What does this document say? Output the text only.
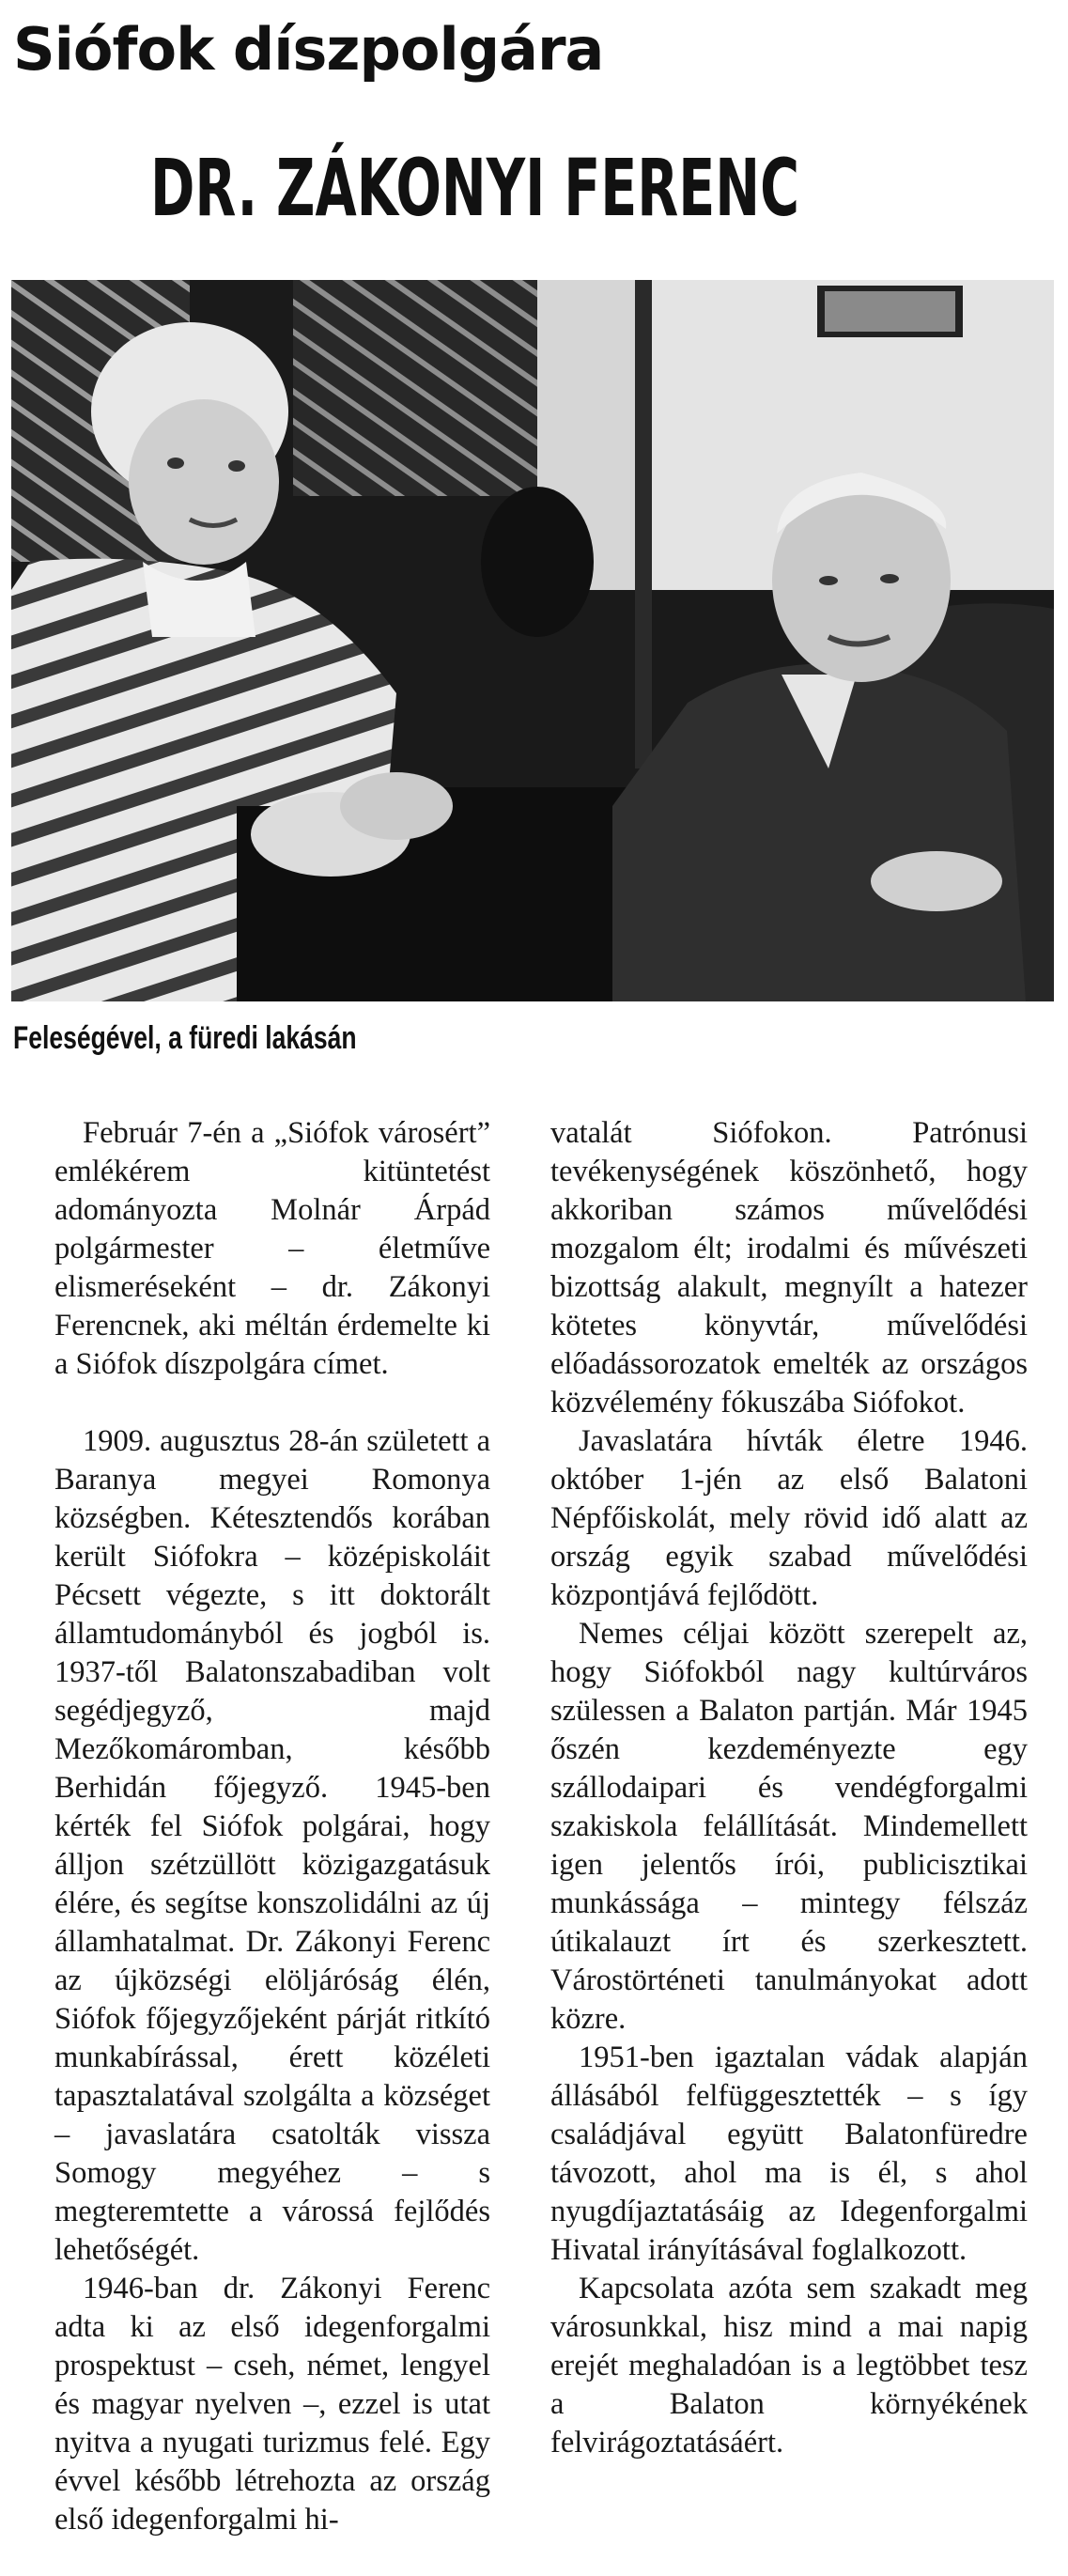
Siófok díszpolgára
DR. ZÁKONYI FERENC

Feleségével, a füredi lakásán

Február 7-én a „Siófok városért” emlékérem kitüntetést adományozta Molnár Árpád polgármester – életműve elismeréseként – dr. Zákonyi Ferencnek, aki méltán érdemelte ki a Siófok díszpolgára címet.

1909. augusztus 28-án született a Baranya megyei Romonya községben. Kétesztendős korában került Siófokra – középiskoláit Pécsett végezte, s itt doktorált államtudományból és jogból is. 1937-től Balatonszabadiban volt segédjegyző, majd Mezőkomáromban, később Berhidán főjegyző. 1945-ben kérték fel Siófok polgárai, hogy álljon szétzüllött közigazgatásuk élére, és segítse konszolidálni az új államhatalmat. Dr. Zákonyi Ferenc az újközségi elöljáróság élén, Siófok főjegyzőjeként párját ritkító munkabírással, érett közéleti tapasztalatával szolgálta a községet – javaslatára csatolták vissza Somogy megyéhez – s megteremtette a várossá fejlődés lehetőségét.

1946-ban dr. Zákonyi Ferenc adta ki az első idegenforgalmi prospektust – cseh, német, lengyel és magyar nyelven –, ezzel is utat nyitva a nyugati turizmus felé. Egy évvel később létrehozta az ország első idegenforgalmi hi-

vatalát Siófokon. Patrónusi tevékenységének köszönhető, hogy akkoriban számos művelődési mozgalom élt; irodalmi és művészeti bizottság alakult, megnyílt a hatezer kötetes könyvtár, művelődési előadássorozatok emelték az országos közvélemény fókuszába Siófokot.

Javaslatára hívták életre 1946. október 1-jén az első Balatoni Népfőiskolát, mely rövid idő alatt az ország egyik szabad művelődési központjává fejlődött.

Nemes céljai között szerepelt az, hogy Siófokból nagy kultúrváros szülessen a Balaton partján. Már 1945 őszén kezdeményezte egy szállodaipari és vendégforgalmi szakiskola felállítását. Mindemellett igen jelentős írói, publicisztikai munkássága – mintegy félszáz útikalauzt írt és szerkesztett. Várostörténeti tanulmányokat adott közre.

1951-ben igaztalan vádak alapján állásából felfüggesztették – s így családjával együtt Balatonfüredre távozott, ahol ma is él, s ahol nyugdíjaztatásáig az Idegenforgalmi Hivatal irányításával foglalkozott.

Kapcsolata azóta sem szakadt meg városunkkal, hisz mind a mai napig erejét meghaladóan is a legtöbbet tesz a Balaton környékének felvirágoztatásáért.
